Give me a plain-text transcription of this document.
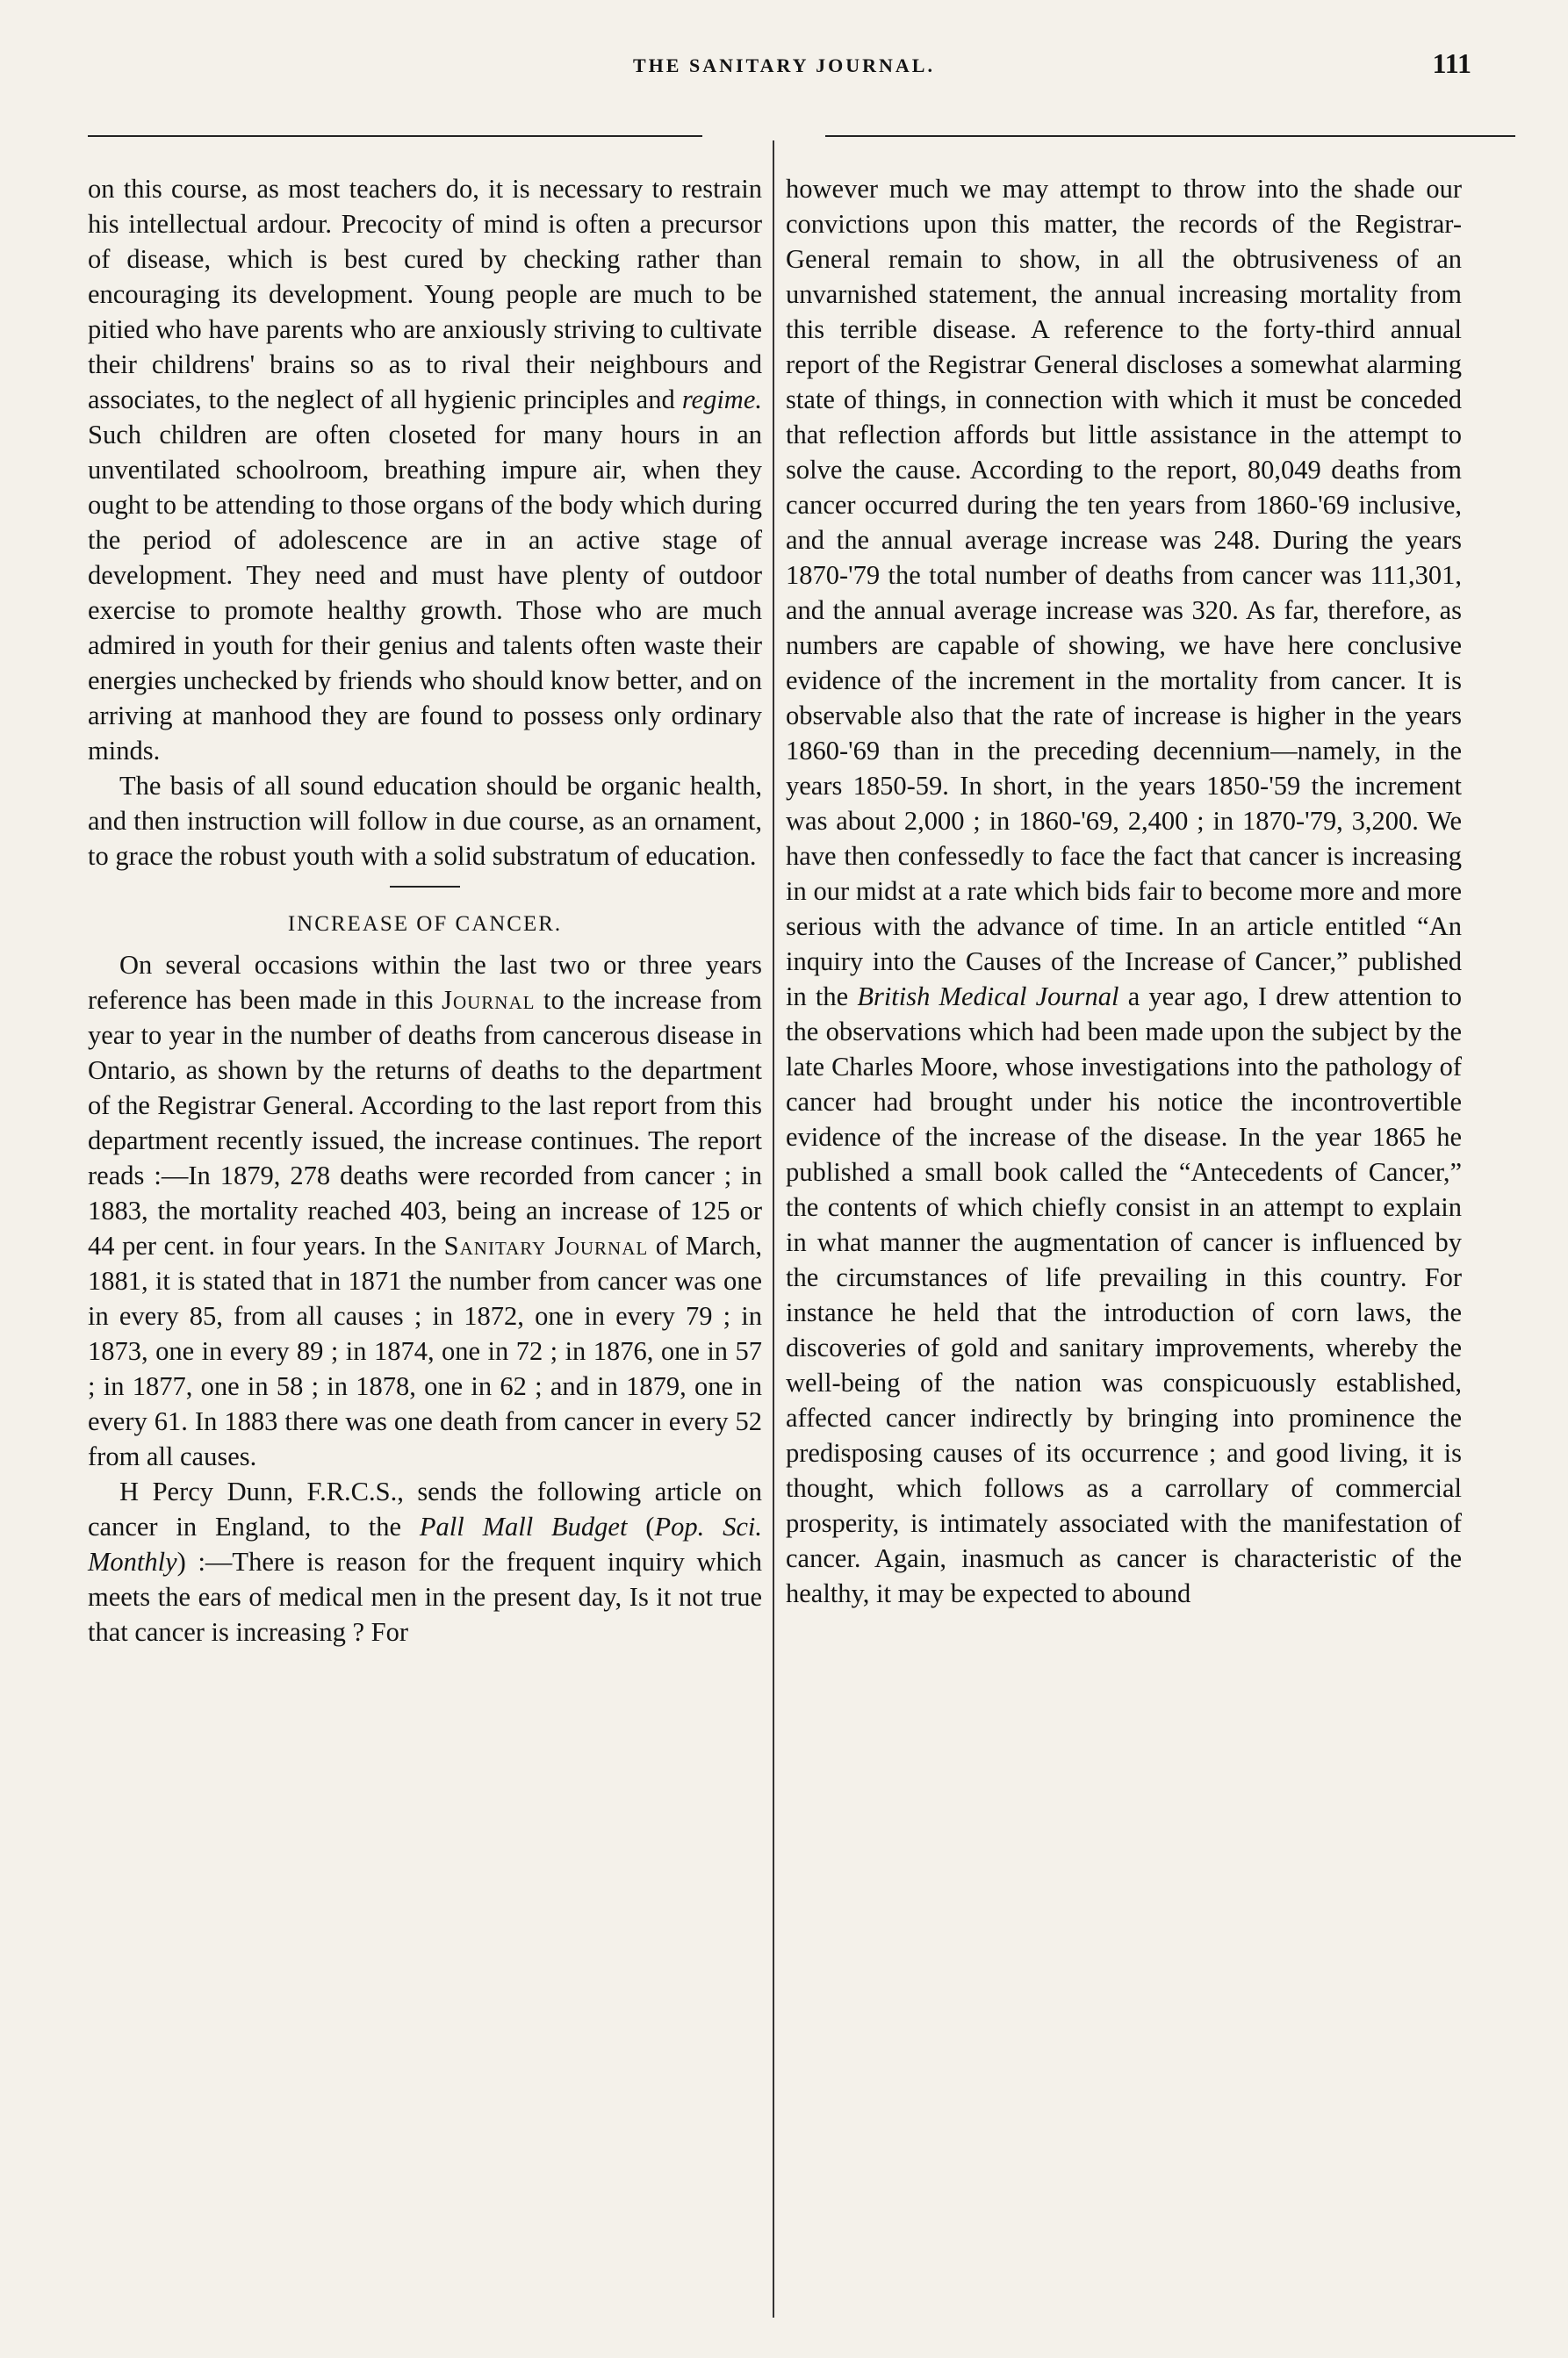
THE SANITARY JOURNAL.	111

on this course, as most teachers do, it is necessary to restrain his intellectual ardour. Precocity of mind is often a precursor of disease, which is best cured by checking rather than encouraging its development. Young people are much to be pitied who have parents who are anxiously striving to cultivate their childrens' brains so as to rival their neighbours and associates, to the neglect of all hygienic principles and regime. Such children are often closeted for many hours in an unventilated schoolroom, breathing impure air, when they ought to be attending to those organs of the body which during the period of adolescence are in an active stage of development. They need and must have plenty of outdoor exercise to promote healthy growth. Those who are much admired in youth for their genius and talents often waste their energies unchecked by friends who should know better, and on arriving at manhood they are found to possess only ordinary minds.

The basis of all sound education should be organic health, and then instruction will follow in due course, as an ornament, to grace the robust youth with a solid substratum of education.

INCREASE OF CANCER.

On several occasions within the last two or three years reference has been made in this Journal to the increase from year to year in the number of deaths from cancerous disease in Ontario, as shown by the returns of deaths to the department of the Registrar General. According to the last report from this department recently issued, the increase continues. The report reads :—In 1879, 278 deaths were recorded from cancer ; in 1883, the mortality reached 403, being an increase of 125 or 44 per cent. in four years. In the Sanitary Journal of March, 1881, it is stated that in 1871 the number from cancer was one in every 85, from all causes ; in 1872, one in every 79 ; in 1873, one in every 89 ; in 1874, one in 72 ; in 1876, one in 57 ; in 1877, one in 58 ; in 1878, one in 62 ; and in 1879, one in every 61. In 1883 there was one death from cancer in every 52 from all causes.

H Percy Dunn, F.R.C.S., sends the following article on cancer in England, to the Pall Mall Budget (Pop. Sci. Monthly) :—There is reason for the frequent inquiry which meets the ears of medical men in the present day, Is it not true that cancer is increasing ? For

however much we may attempt to throw into the shade our convictions upon this matter, the records of the Registrar-General remain to show, in all the obtrusiveness of an unvarnished statement, the annual increasing mortality from this terrible disease. A reference to the forty-third annual report of the Registrar General discloses a somewhat alarming state of things, in connection with which it must be conceded that reflection affords but little assistance in the attempt to solve the cause. According to the report, 80,049 deaths from cancer occurred during the ten years from 1860-'69 inclusive, and the annual average increase was 248. During the years 1870-'79 the total number of deaths from cancer was 111,301, and the annual average increase was 320. As far, therefore, as numbers are capable of showing, we have here conclusive evidence of the increment in the mortality from cancer. It is observable also that the rate of increase is higher in the years 1860-'69 than in the preceding decennium—namely, in the years 1850-59. In short, in the years 1850-'59 the increment was about 2,000 ; in 1860-'69, 2,400 ; in 1870-'79, 3,200. We have then confessedly to face the fact that cancer is increasing in our midst at a rate which bids fair to become more and more serious with the advance of time. In an article entitled “An inquiry into the Causes of the Increase of Cancer,” published in the British Medical Journal a year ago, I drew attention to the observations which had been made upon the subject by the late Charles Moore, whose investigations into the pathology of cancer had brought under his notice the incontrovertible evidence of the increase of the disease. In the year 1865 he published a small book called the “Antecedents of Cancer,” the contents of which chiefly consist in an attempt to explain in what manner the augmentation of cancer is influenced by the circumstances of life prevailing in this country. For instance he held that the introduction of corn laws, the discoveries of gold and sanitary improvements, whereby the well-being of the nation was conspicuously established, affected cancer indirectly by bringing into prominence the predisposing causes of its occurrence ; and good living, it is thought, which follows as a carrollary of commercial prosperity, is intimately associated with the manifestation of cancer. Again, inasmuch as cancer is characteristic of the healthy, it may be expected to abound
